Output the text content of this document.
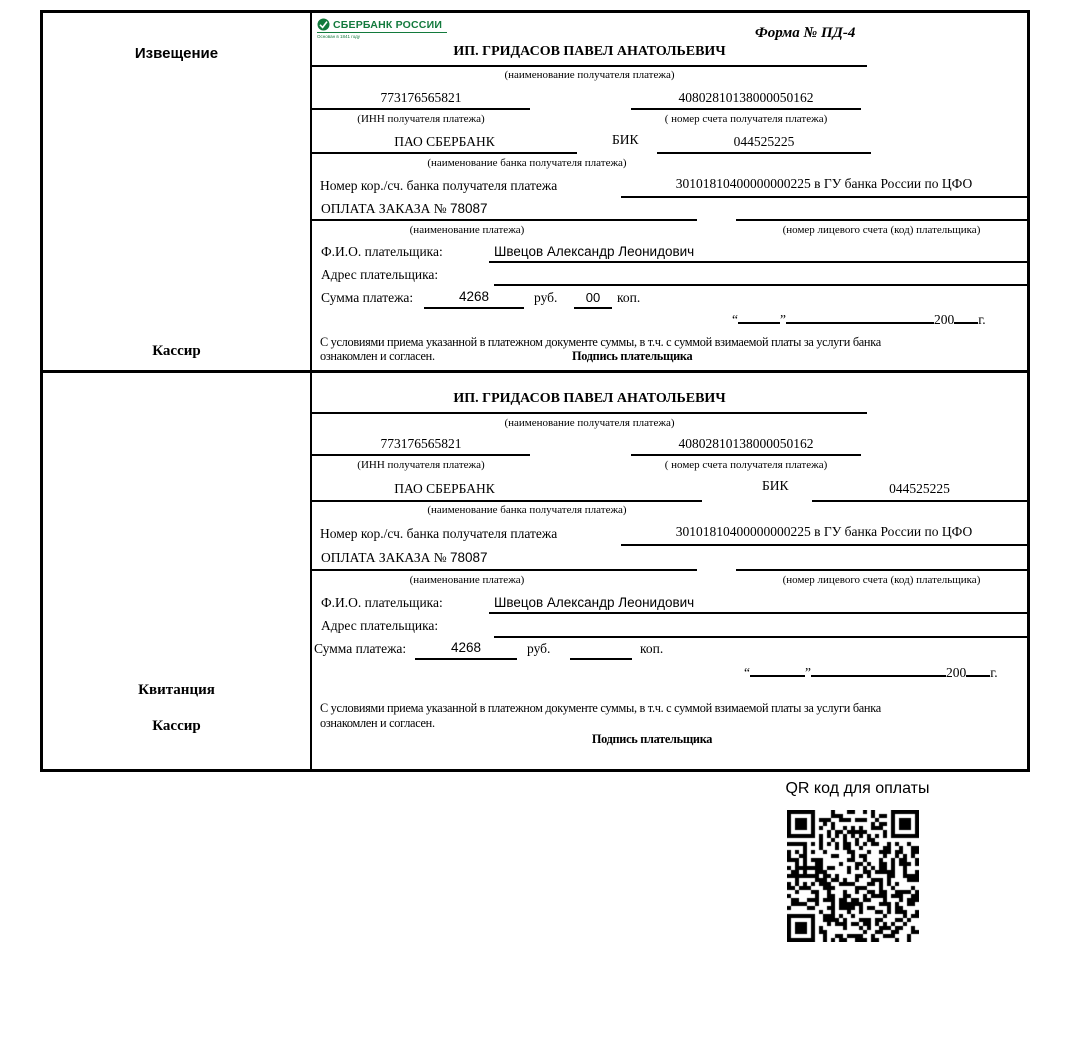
Извещение
Кассир
СБЕРБАНК РОССИИ
Основан в 1841 году	Форма № ПД-4
ИП. ГРИДАСОВ ПАВЕЛ АНАТОЛЬЕВИЧ
(наименование получателя платежа)
773176565821	40802810138000050162
(ИНН получателя платежа)	( номер счета получателя платежа)
ПАО СБЕРБАНК	БИК	044525225
(наименование банка получателя платежа)
Номер кор./сч. банка получателя платежа	30101810400000000225 в ГУ банка России по ЦФО
ОПЛАТА ЗАКАЗА № 78087
(наименование платежа)	(номер лицевого счета (код) плательщика)
Ф.И.О. плательщика:	Швецов Александр Леонидович
Адрес плательщика:
Сумма платежа:	4268	руб.	00	коп.
“	”	200 г.
С условиями приема указанной в платежном документе суммы, в т.ч. с суммой взимаемой платы за услуги банка
ознакомлен и согласен.	Подпись плательщика
Квитанция
Кассир
ИП. ГРИДАСОВ ПАВЕЛ АНАТОЛЬЕВИЧ
(наименование получателя платежа)
773176565821	40802810138000050162
(ИНН получателя платежа)	( номер счета получателя платежа)
ПАО СБЕРБАНК	БИК	044525225
(наименование банка получателя платежа)
Номер кор./сч. банка получателя платежа	30101810400000000225 в ГУ банка России по ЦФО
ОПЛАТА ЗАКАЗА № 78087
(наименование платежа)	(номер лицевого счета (код) плательщика)
Ф.И.О. плательщика:	Швецов Александр Леонидович
Адрес плательщика:
Сумма платежа:	4268	руб.	коп.
“	”	200 г.
С условиями приема указанной в платежном документе суммы, в т.ч. с суммой взимаемой платы за услуги банка
ознакомлен и согласен.
Подпись плательщика
QR код для оплаты
